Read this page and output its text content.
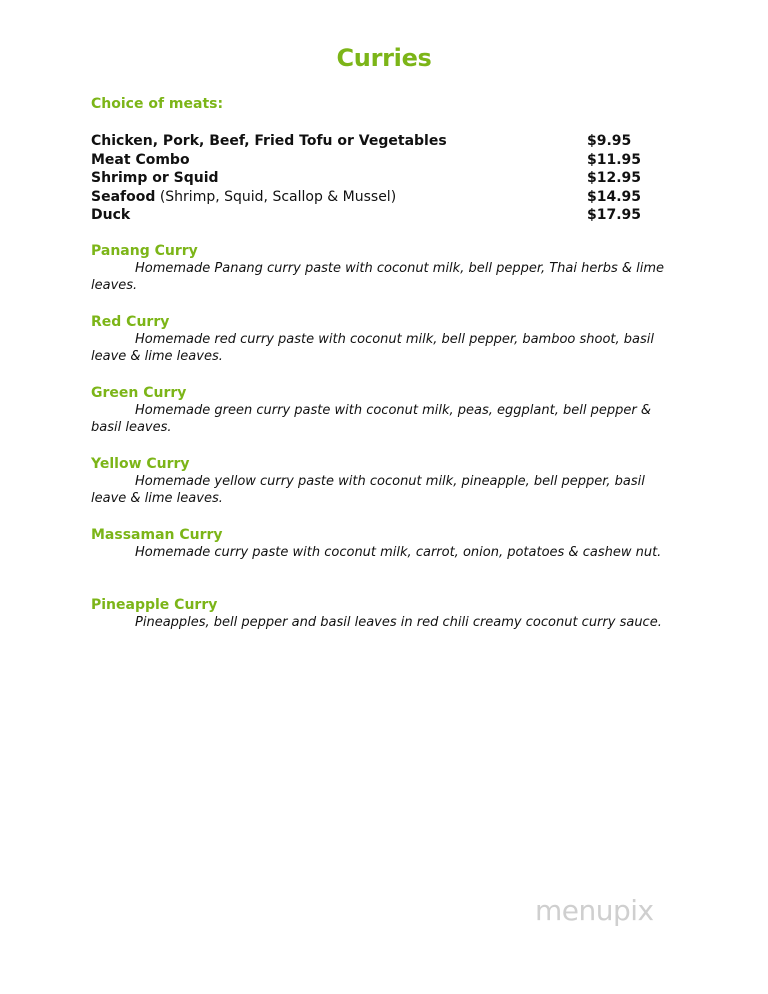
Curries
Choice of meats:
Chicken, Pork, Beef, Fried Tofu or Vegetables	$9.95
Meat Combo	$11.95
Shrimp or Squid	$12.95
Seafood (Shrimp, Squid, Scallop & Mussel)	$14.95
Duck	$17.95
Panang Curry

Homemade Panang curry paste with coconut milk, bell pepper, Thai herbs & lime leaves.

Red Curry

Homemade red curry paste with coconut milk, bell pepper, bamboo shoot, basil leave & lime leaves.

Green Curry

Homemade green curry paste with coconut milk, peas, eggplant, bell pepper & basil leaves.

Yellow Curry

Homemade yellow curry paste with coconut milk, pineapple, bell pepper, basil leave & lime leaves.

Massaman Curry

Homemade curry paste with coconut milk, carrot, onion, potatoes & cashew nut.

Pineapple Curry

Pineapples, bell pepper and basil leaves in red chili creamy coconut curry sauce.

menupix
